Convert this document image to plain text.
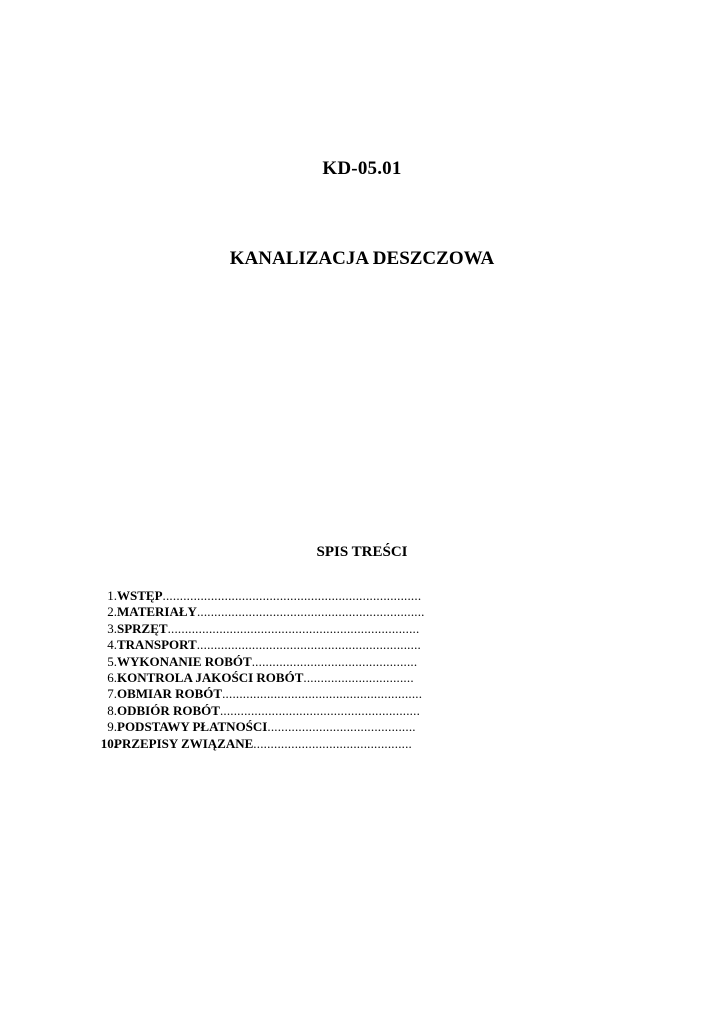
KD-05.01
KANALIZACJA DESZCZOWA
SPIS TREŚCI
1. WSTĘP...........................................................................
2. MATERIAŁY..................................................................
3. SPRZĘT.........................................................................
4. TRANSPORT.................................................................
5. WYKONANIE ROBÓT................................................
6. KONTROLA JAKOŚCI ROBÓT................................
7. OBMIAR ROBÓT..........................................................
8. ODBIÓR ROBÓT..........................................................
9. PODSTAWY PŁATNOŚCI...........................................
10.
PRZEPISY ZWIĄZANE..............................................
